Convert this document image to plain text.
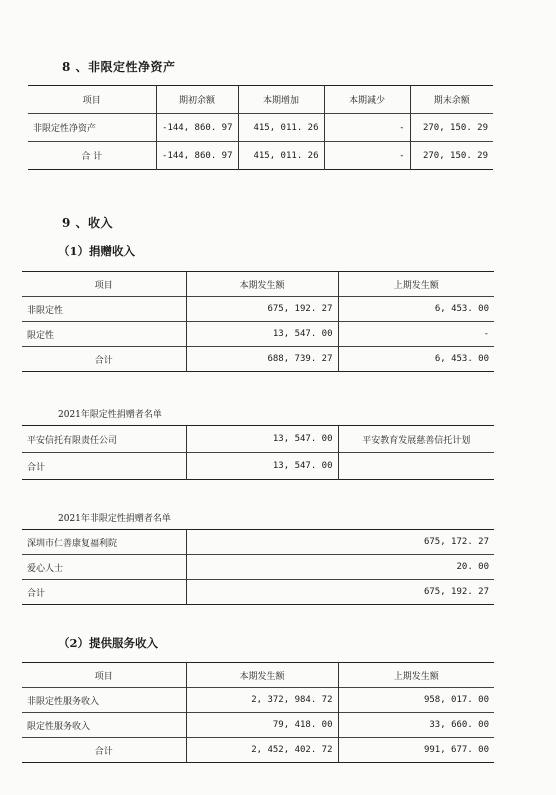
8 、非限定性净资产
项目	期初余额	本期增加	本期减少	期末余额
非限定性净资产	-144, 860. 97	415, 011. 26	-	270, 150. 29
合 计	-144, 860. 97	415, 011. 26	-	270, 150. 29
9 、收入
（1）捐赠收入
项目	本期发生额	上期发生额
非限定性	675, 192. 27	6, 453. 00
限定性	13, 547. 00	-
合计	688, 739. 27	6, 453. 00
2021年限定性捐赠者名单
平安信托有限责任公司	13, 547. 00	平安教育发展慈善信托计划
合计	13, 547. 00	
2021年非限定性捐赠者名单
深圳市仁善康复福利院	675, 172. 27
爱心人士	20. 00
合计	675, 192. 27
（2）提供服务收入
项目	本期发生额	上期发生额
非限定性服务收入	2, 372, 984. 72	958, 017. 00
限定性服务收入	79, 418. 00	33, 660. 00
合计	2, 452, 402. 72	991, 677. 00
